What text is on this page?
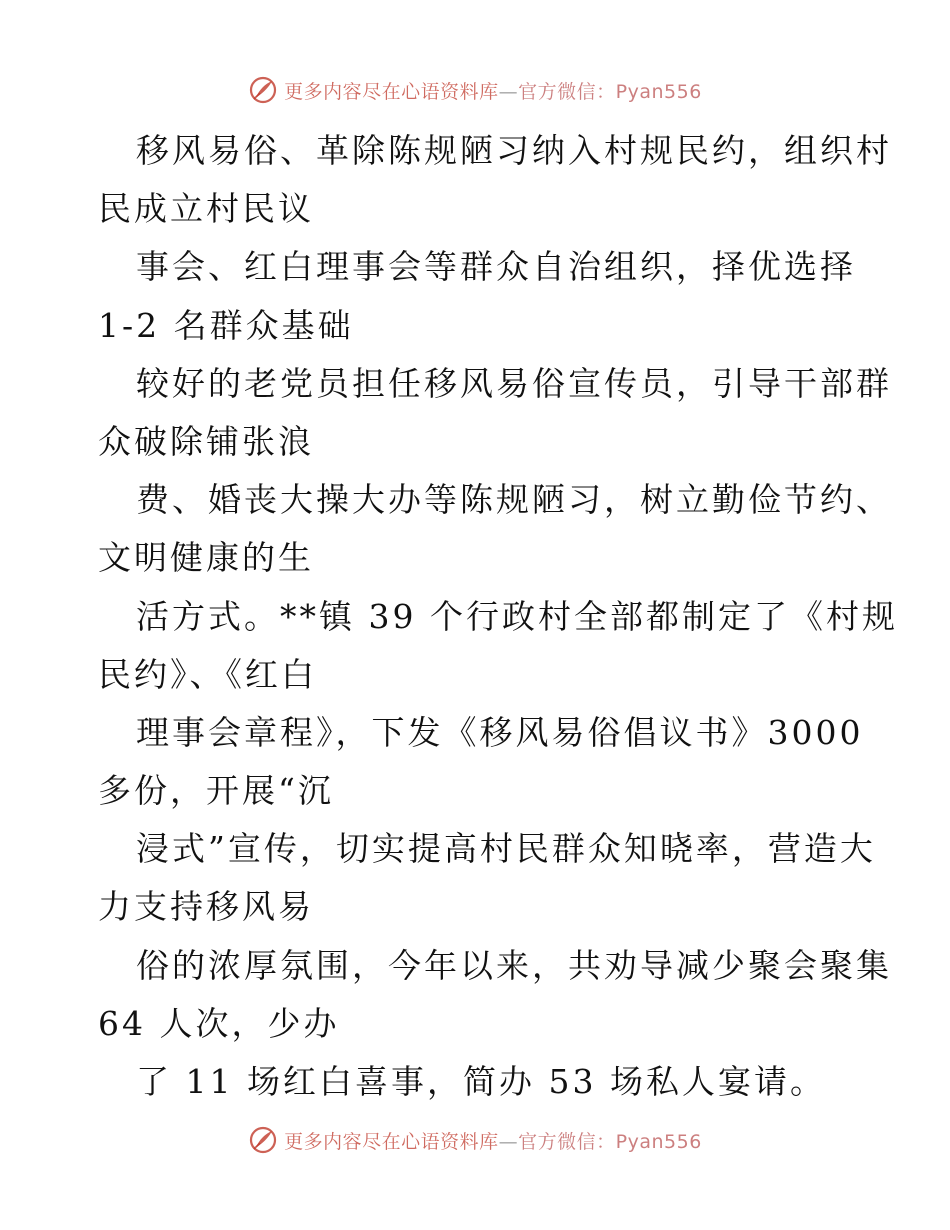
更多内容尽在心语资料库—官方微信：Pyan556
移风易俗、革除陈规陋习纳入村规民约，组织村
民成立村民议
事会、红白理事会等群众自治组织，择优选择
1-2 名群众基础
较好的老党员担任移风易俗宣传员，引导干部群
众破除铺张浪
费、婚丧大操大办等陈规陋习，树立勤俭节约、
文明健康的生
活方式。**镇 39 个行政村全部都制定了《村规
民约》、《红白
理事会章程》，下发《移风易俗倡议书》3000
多份，开展“沉
浸式”宣传，切实提高村民群众知晓率，营造大
力支持移风易
俗的浓厚氛围，今年以来，共劝导减少聚会聚集
64 人次，少办
了 11 场红白喜事，简办 53 场私人宴请。
更多内容尽在心语资料库—官方微信：Pyan556
